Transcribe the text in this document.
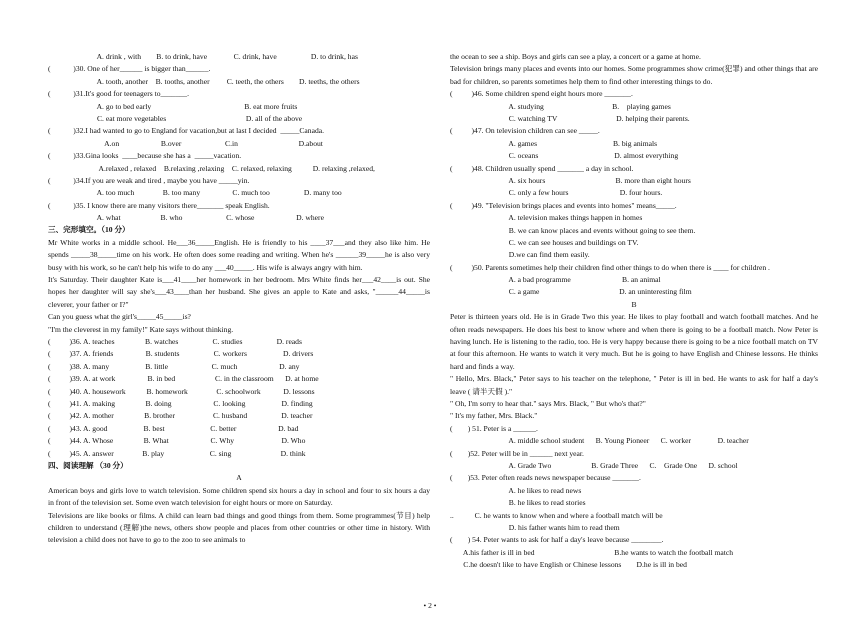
A. drink , with        B. to drink, have              C. drink, have                  D. to drink, has
(            )30. One of her______ is bigger than______.
A. tooth, another    B. tooths, another         C. teeth, the others        D. teeths, the others
(            )31.It's good for teenagers to_______.
A. go to bed early                                                 B. eat more fruits
C. eat more vegetables                                          D. all of the above
(            )32.I had wanted to go to England for vacation,but at last I decided  _____Canada.
A.on                      B.over                       C.in                                D.about
(            )33.Gina looks  ____because she has a  _____vacation.
A.relaxed , relaxed    B.relaxing ,relaxing    C. relaxed, relaxing           D. relaxing ,relaxed,
(            )34.If you are weak and tired , maybe you have _____yin.
A. too much               B. too many                 C. much too                  D. many too
(            )35. I know there are many visitors there_______ speak English.
A. what                     B. who                       C. whose                      D. where
三、完形填空。（10 分）
Mr White works in a middle school. He___36_____English. He is friendly to his ____37___and they also like him. He spends _____38_____time on his work. He often does some reading and writing. When he's ______39_____he is also very busy with his work, so he can't help his wife to do any ___40_____. His wife is always angry with him.
It's Saturday. Their daughter Kate is___41____her homework in her bedroom. Mrs White finds her___42____is out. She hopes her daughter will say she's___43____than her husband. She gives an apple to Kate and asks, "______44_____is cleverer, your father or I?"
Can you guess what the girl's_____45_____is?
"I'm the cleverest in my family!" Kate says without thinking.
(          )36. A. teaches                B. watches                  C. studies                  D. reads
(          )37. A. friends                 B. students                  C. workers                   D. drivers
(          )38. A. many                   B. little                       C. much                      D. any
(          )39. A. at work                 B. in bed                     C. in the classroom      D. at home
(          )40. A. housework           B. homework               C. schoolwork            D. lessons
(          )41. A. making                B. doing                      C. looking                   D. finding
(          )42. A. mother                B. brother                    C. husband                  D. teacher
(          )43. A. good                   B. best                        C. better                      D. bad
(          )44. A. Whose                B. What                      C. Why                         D. Who
(          )45. A. answer               B. play                        C. sing                          D. think
四、阅读理解 （30 分）
A
American boys and girls love to watch television. Some children spend six hours a day in school and four to six hours a day in front of the television set. Some even watch television for eight hours or more on Saturday.
Televisions are like books or films. A child can learn bad things and good things from them. Some programmes(节目) help children to understand (理解)the news, others show people and places from other countries or other time in history. With television a child does not have to go to the zoo to see animals to
the ocean to see a ship. Boys and girls can see a play, a concert or a game at home.
Television brings many places and events into our homes. Some programmes show crime(犯罪) and other things that are bad for children, so parents sometimes help them to find other interesting things to do.
(          )46. Some children spend eight hours more _______.
A. studying                                    B.    playing games
C. watching TV                               D. helping their parents.
(          )47. On television children can see _____.
A. games                                        B. big animals
C. oceans                                        D. almost everything
(          )48. Children usually spend _______ a day in school.
A. six hours                                     B. more than eight hours
C. only a few hours                           D. four hours.
(          )49. "Television brings places and events into homes" means_____.
A. television makes things happen in homes
B. we can know places and events without going to see them.
C. we can see houses and buildings on TV.
D.we can find them easily.
(          )50. Parents sometimes help their children find other things to do when there is ____ for children .
A. a bad programme                           B. an animal
C. a game                                          D. an uninteresting film
B
Peter is thirteen years old. He is in Grade Two this year. He likes to play football and watch football matches. And he often reads newspapers. He does his best to know where and when there is going to be a football match. Now Peter is having lunch. He is listening to the radio, too. He is very happy because there is going to be a nice football match on TV at four this afternoon. He wants to watch it very much. But he is going to have English and Chinese lessons. He thinks hard and finds a way.
" Hello, Mrs. Black," Peter says to his teacher on the telephone, " Peter is ill in bed. He wants to ask for half a day's leave ( 请半天假 )."
" Oh, I'm sorry to hear that." says Mrs. Black, " But who's that?"
" It's my father, Mrs. Black."
(        ) 51. Peter is a ______.
A. middle school student      B. Young Pioneer      C. worker              D. teacher
(        )52. Peter will be in ______ next year.
A. Grade Two                     B. Grade Three      C.    Grade One      D. school
(        )53. Peter often reads news newspaper because _______.
A. he likes to read news
B. he likes to read stories
..           C. he wants to know when and where a football match will be
D. his father wants him to read them
(        ) 54. Peter wants to ask for half a day's leave because ________.
A.his father is ill in bed                                          B.he wants to watch the football match
C.he doesn't like to have English or Chinese lessons        D.he is ill in bed
• 2 •
